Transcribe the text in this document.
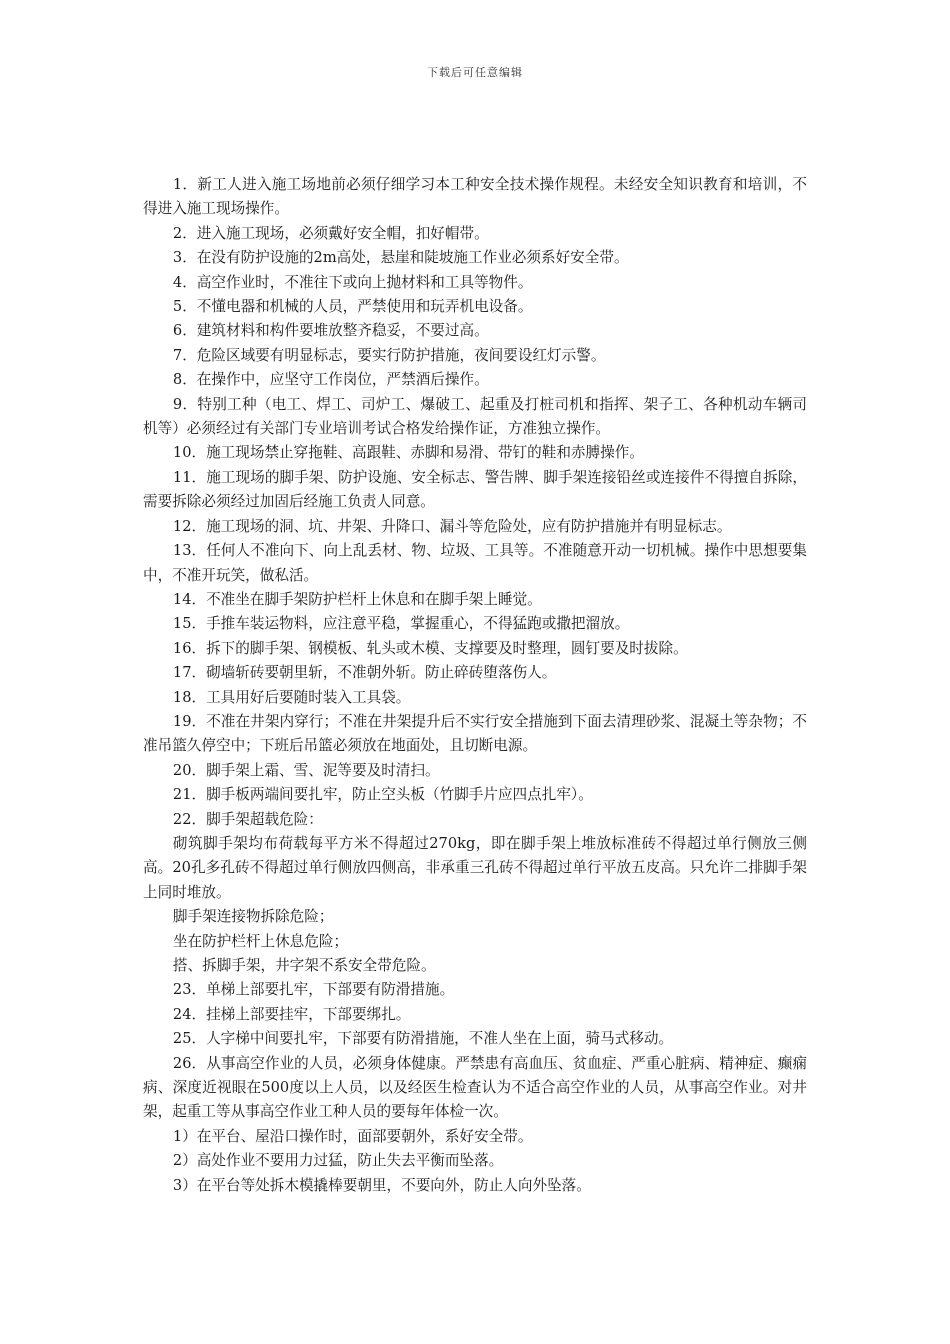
下载后可任意编辑

1．新工人进入施工场地前必须仔细学习本工种安全技术操作规程。未经安全知识教育和培训，不得进入施工现场操作。

2．进入施工现场，必须戴好安全帽，扣好帽带。

3．在没有防护设施的2m高处，悬崖和陡坡施工作业必须系好安全带。

4．高空作业时，不准往下或向上抛材料和工具等物件。

5．不懂电器和机械的人员，严禁使用和玩弄机电设备。

6．建筑材料和构件要堆放整齐稳妥，不要过高。

7．危险区域要有明显标志，要实行防护措施，夜间要设红灯示警。

8．在操作中，应坚守工作岗位，严禁酒后操作。

9．特别工种（电工、焊工、司炉工、爆破工、起重及打桩司机和指挥、架子工、各种机动车辆司机等）必须经过有关部门专业培训考试合格发给操作证，方准独立操作。

10．施工现场禁止穿拖鞋、高跟鞋、赤脚和易滑、带钉的鞋和赤膊操作。

11．施工现场的脚手架、防护设施、安全标志、警告牌、脚手架连接铅丝或连接件不得擅自拆除，需要拆除必须经过加固后经施工负责人同意。

12．施工现场的洞、坑、井架、升降口、漏斗等危险处，应有防护措施并有明显标志。

13．任何人不准向下、向上乱丢材、物、垃圾、工具等。不准随意开动一切机械。操作中思想要集中，不准开玩笑，做私活。

14．不准坐在脚手架防护栏杆上休息和在脚手架上睡觉。

15．手推车装运物料，应注意平稳，掌握重心，不得猛跑或撒把溜放。

16．拆下的脚手架、钢模板、轧头或木模、支撑要及时整理，圆钉要及时拔除。

17．砌墙斩砖要朝里斩，不准朝外斩。防止碎砖堕落伤人。

18．工具用好后要随时装入工具袋。

19．不准在井架内穿行；不准在井架提升后不实行安全措施到下面去清理砂浆、混凝土等杂物；不准吊篮久停空中；下班后吊篮必须放在地面处，且切断电源。

20．脚手架上霜、雪、泥等要及时清扫。

21．脚手板两端间要扎牢，防止空头板（竹脚手片应四点扎牢）。

22．脚手架超载危险：

砌筑脚手架均布荷载每平方米不得超过270kg，即在脚手架上堆放标准砖不得超过单行侧放三侧高。20孔多孔砖不得超过单行侧放四侧高，非承重三孔砖不得超过单行平放五皮高。只允许二排脚手架上同时堆放。

脚手架连接物拆除危险；

坐在防护栏杆上休息危险；

搭、拆脚手架，井字架不系安全带危险。

23．单梯上部要扎牢，下部要有防滑措施。

24．挂梯上部要挂牢，下部要绑扎。

25．人字梯中间要扎牢，下部要有防滑措施，不准人坐在上面，骑马式移动。

26．从事高空作业的人员，必须身体健康。严禁患有高血压、贫血症、严重心脏病、精神症、癫痫病、深度近视眼在500度以上人员，以及经医生检查认为不适合高空作业的人员，从事高空作业。对井架，起重工等从事高空作业工种人员的要每年体检一次。

1）在平台、屋沿口操作时，面部要朝外，系好安全带。

2）高处作业不要用力过猛，防止失去平衡而坠落。

3）在平台等处拆木模撬棒要朝里，不要向外，防止人向外坠落。
